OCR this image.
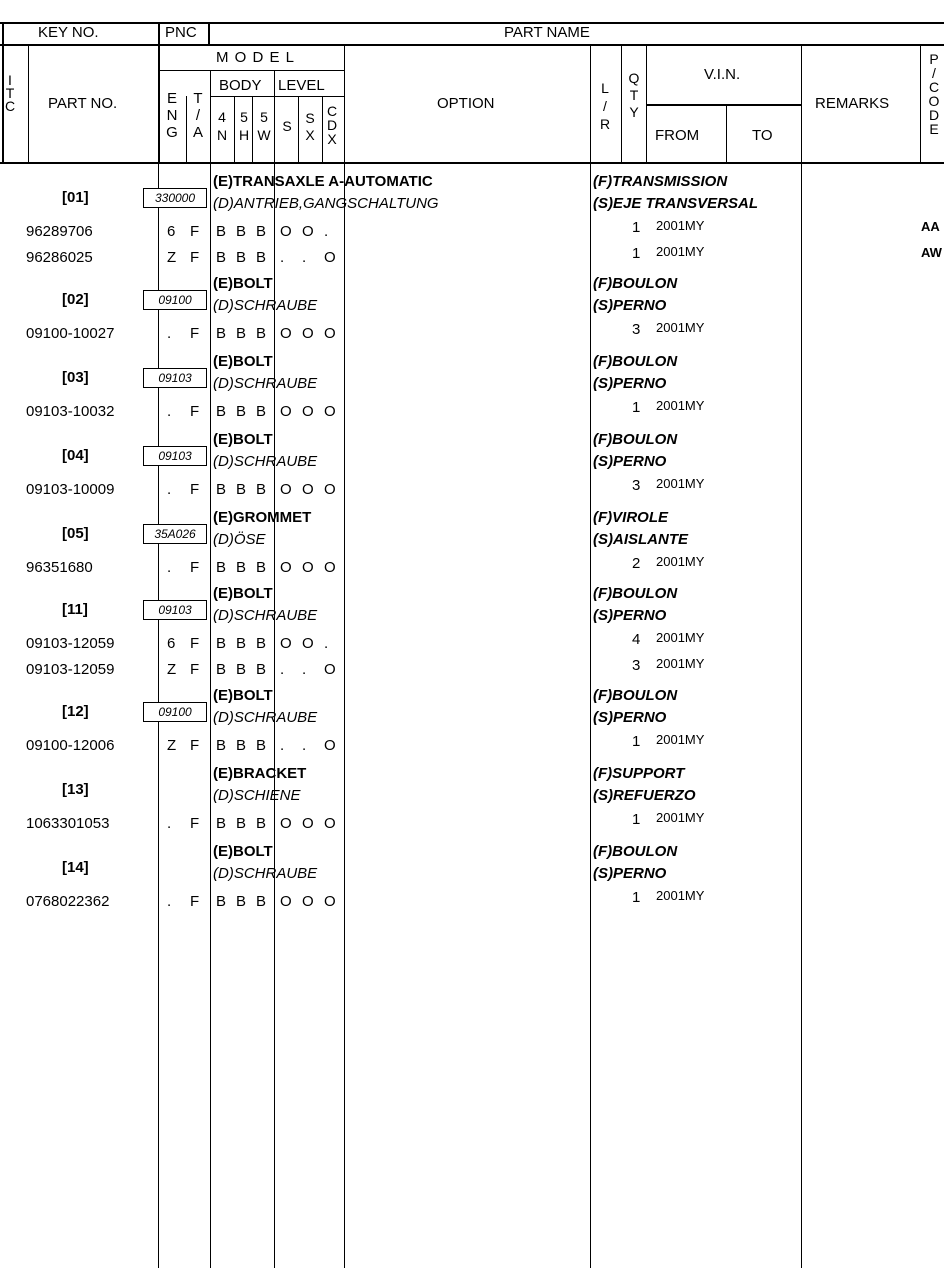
KEY NO.	PNC	PART NAME
I
T
C PART NO.
M O D E L
BODY LEVEL
E
N
G
T
/
A
4
N
5
H
5
W
S S
X
C
D
X
OPTION
L
/
R
Q
T
Y
V.I.N.
FROM	TO
REMARKS
P
/
C
O
D
E
(E)TRANSAXLE A-AUTOMATIC
(D)ANTRIEB,GANGSCHALTUNG
(F)TRANSMISSION
(S)EJE TRANSVERSAL
[01]	330000
96289706	6 F B B B O O .	1 2001MY	AA
96286025	Z F B B B . . O	1 2001MY	AW
(E)BOLT
(D)SCHRAUBE
(F)BOULON
(S)PERNO
[02]	09100
09100-10027	. F B B B O O O	3 2001MY
(E)BOLT
(D)SCHRAUBE
(F)BOULON
(S)PERNO
[03]	09103
09103-10032	. F B B B O O O	1 2001MY
(E)BOLT
(D)SCHRAUBE
(F)BOULON
(S)PERNO
[04]	09103
09103-10009	. F B B B O O O	3 2001MY
(E)GROMMET
(D)ÖSE
(F)VIROLE
(S)AISLANTE
[05]	35A026
96351680	. F B B B O O O	2 2001MY
(E)BOLT
(D)SCHRAUBE
(F)BOULON
(S)PERNO
[11]	09103
09103-12059	6 F B B B O O .	4 2001MY
09103-12059	Z F B B B . . O	3 2001MY
(E)BOLT
(D)SCHRAUBE
(F)BOULON
(S)PERNO
[12]	09100
09100-12006	Z F B B B . . O	1 2001MY
(E)BRACKET
(D)SCHIENE
(F)SUPPORT
(S)REFUERZO
[13]
1063301053	. F B B B O O O	1 2001MY
(E)BOLT
(D)SCHRAUBE
(F)BOULON
(S)PERNO
[14]
0768022362	. F B B B O O O	1 2001MY
